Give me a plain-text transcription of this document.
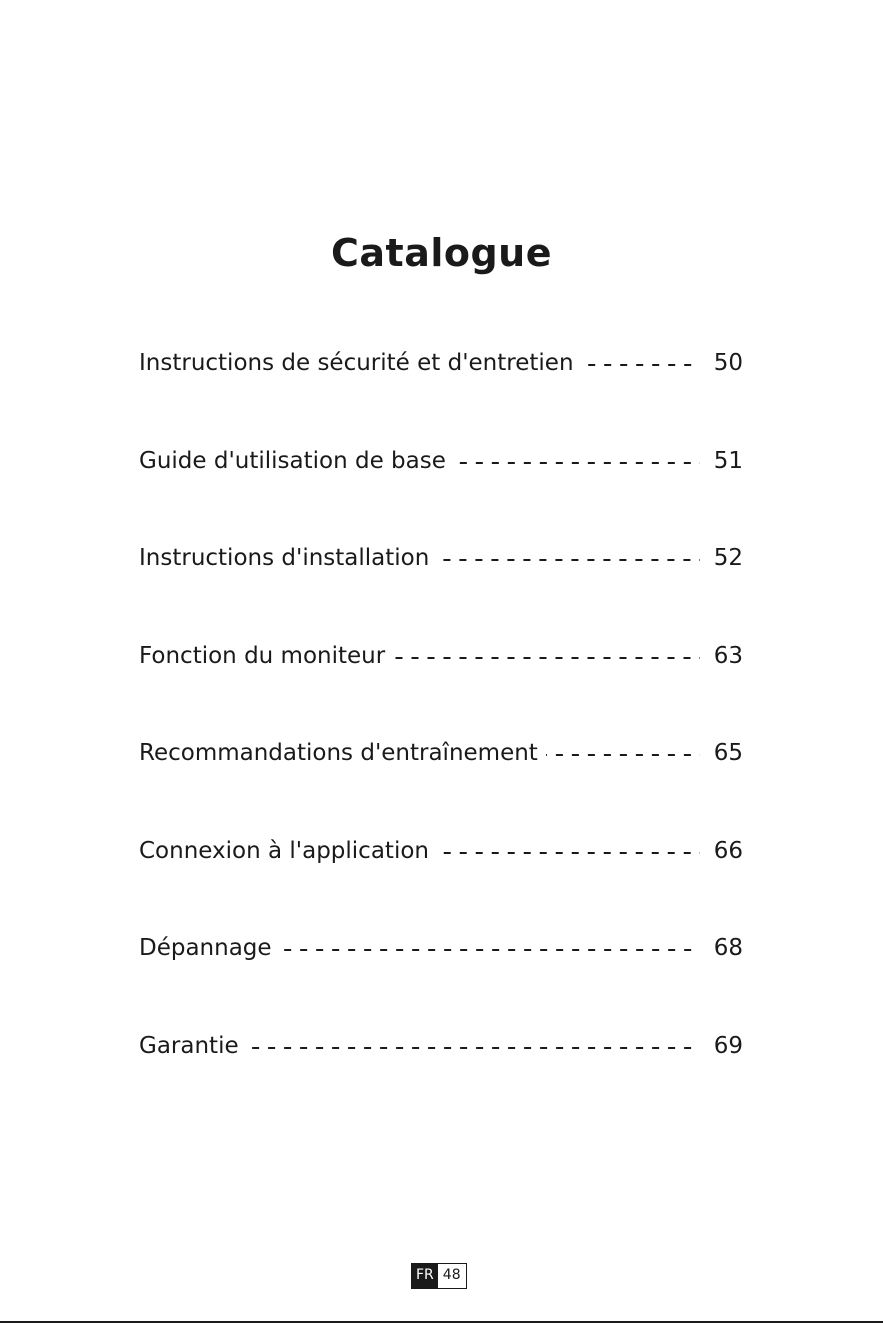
Catalogue
Instructions de sécurité et d'entretien	50
Guide d'utilisation de base	51
Instructions d'installation	52
Fonction du moniteur	63
Recommandations d'entraînement	65
Connexion à l'application	66
Dépannage	68
Garantie	69
FR 48
